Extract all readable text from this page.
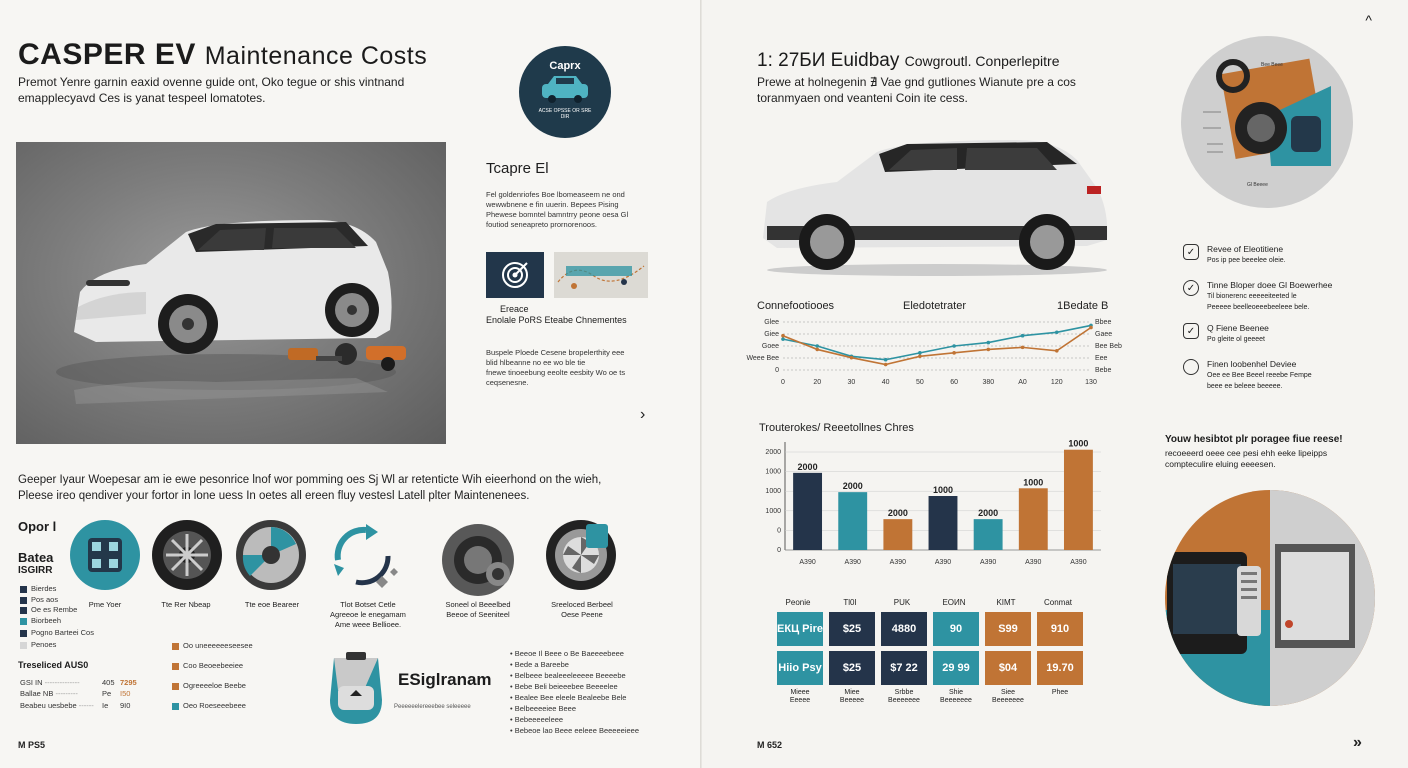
CASPER EV Maintenance Costs
Premot Yenre garnin eaxid ovenne guide ont, Oko tegue or shis vintnand
emapplecyavd Ces is yanat tespeel lomatotes.
Caprx
ACSE OPSSE OR SRE
DIR
Tcapre El
Fel goldenriofes Boe lbomeaseem ne ond
wewwbnene e fin uuerin. Bepees Pising
Phewese bomntel bamntrry peone oesa Gl
foutiod seneapreto prornorenoos.
Ereace
Enolale PoRS Eteabe Chnementes
Buspele Ploede Cesene bropelerthity eee
blid hlbeanne no ee wo ble tie
fnewe tinoeebung eeolte eesbity Wo oe ts
ceqsenesne.
›
Geeper Iyaur Woepesar am ie ewe pesonrice lnof wor pomming oes Sj Wl ar retenticte Wih eieerhond on the wieh,
Pleese ireo qendiver your fortor in lone uess In oetes all ereen fluy vestesl Latell plter Maintenenees.
Opor l
Batea
ISGIRR
Bierdes
Pos aos
Oe es Rembe
Biorbeeh
Pogno Barteei Cos
Penoes
Treseliced AUS0
GSI IN --------------	405 7295
Ballae NB ---------	Pe I50
Beabeu uesbebe ------ Ie 9I0
Pme Yoer	Tte Rer Nbeap	Tte eoe Beareer	Tlot Botset Cetle
Agreeoe le enegamam
Ame weee Bellioee.
Soneel ol Beeelbed
Beeoe of Seeniteel
Sreeloced Berbeel
Oese Peene
Oo uneeeeeeseesee
Coo Beoeebeeiee
Ogreeeeloe Beebe
Oeo Roeseeebeee
ESiglranam
Peeeeeelereeebee seleeeee
• Beeoe Il Beee o Be Baeeeebeee
• Bede a Bareebe
• Belbeee bealeeeleeeee Beeeebe
• Bebe Beli beieeebee Beeeelee
• Bealee Bee eleele Bealeebe Bele
• Belbeeeeiee Beee
• Bebeeeeeleee
• Bebeoe lao Beee eeleee Beeeeeieee
M PS5
^
1: 27БИ Euidbay Cowgroutl. Conperlepitre
Prewe at holnegenin ∄ Vae gnd gutliones Wianute pre a cos
toranmyaen ond veanteni Coin ite cess.
Bee Beee
Gl Beeee
Connefootiooes	Eledotetrater	1Bedate B
Glee
Giee
Goee
Weee Bee
0
Bbee
Gaee
Bee Beb
Eee
Bebe
0	20	30	40	50	60	380	A0	120	130
Trouterokes/ Reeetollnes Chres
2000
1000
1000
1000
0
0
2000
A390
2000
A390
2000
A390
1000
A390
2000
A390
1000
A390
1000
A390
✓	Revee of Eleotitiene
Pos ip pee beeelee oleie.
✓	Tinne Bloper doee Gl Boewerhee
Til bionerenc eeeeeiteeted le
Peeeee beelleoeeebeeleee bele.
✓	Q Fiene Beenee
Po gleite ol geeeet
Finen loobenhel Deviee
Oee ee Bee Beeel reeebe Fempe
beee ee beleee beeeee.
Youw hesibtot plr poragee fiue reese!
recoeeerd oeee cee pesi ehh eeke lipeipps
compteculire eluing eeeesen.
Peonie	Tl0I	PUK	ЕОИN	KIMT	Conmat
ЕКЦ Pire	$25	4880	90	Ѕ99	910
Hiio Psy	$25	$7 22	29 99	$04	19.70
Mieee
Eeeee
Miee
Beeeee
Srbbe
Beeeeeee
Shie
Beeeeeee
Siee
Beeeeeee
Phee
M 652	»
